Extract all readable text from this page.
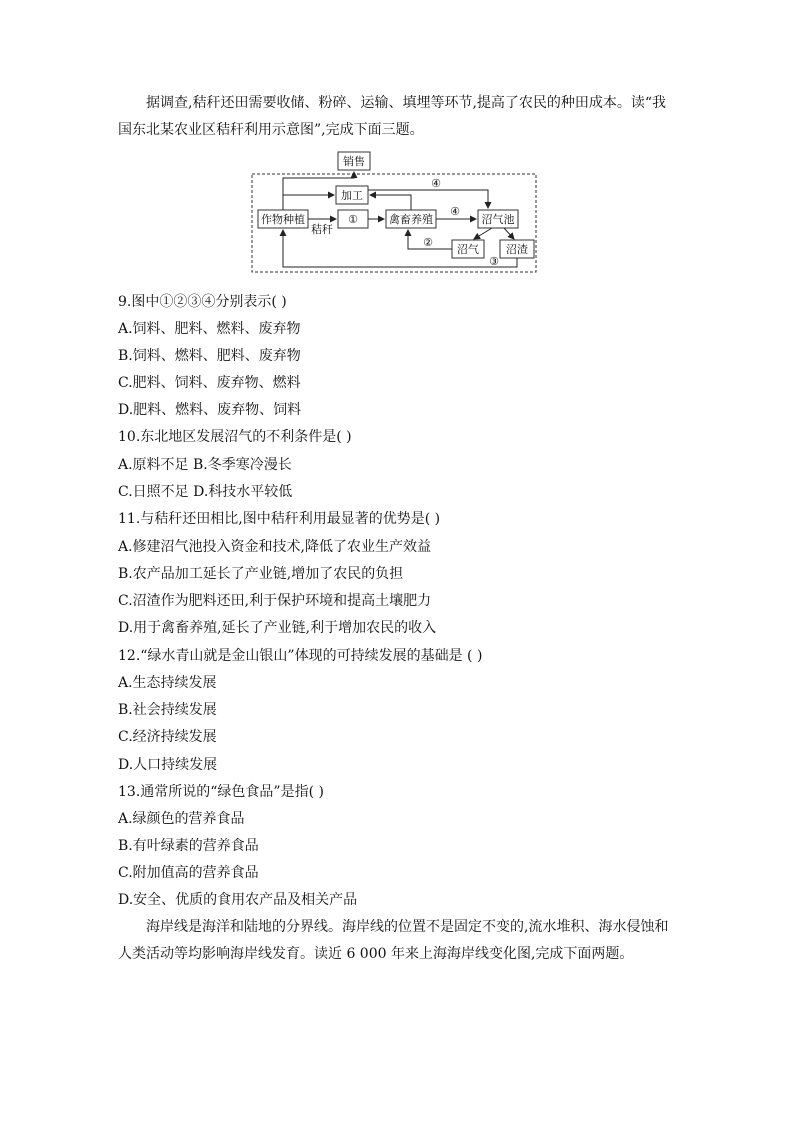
据调查,秸秆还田需要收储、粉碎、运输、填埋等环节,提高了农民的种田成本。读“我国东北某农业区秸秆利用示意图”,完成下面三题。

销售
加工
作物种植	①	禽畜养殖	沼气池
沼气 沼渣
秸秆
④
④
②
③

9.图中①②③④分别表示( )

A.饲料、肥料、燃料、废弃物

B.饲料、燃料、肥料、废弃物

C.肥料、饲料、废弃物、燃料

D.肥料、燃料、废弃物、饲料

10.东北地区发展沼气的不利条件是( )

A.原料不足 B.冬季寒冷漫长

C.日照不足 D.科技水平较低

11.与秸秆还田相比,图中秸秆利用最显著的优势是( )

A.修建沼气池投入资金和技术,降低了农业生产效益

B.农产品加工延长了产业链,增加了农民的负担

C.沼渣作为肥料还田,利于保护环境和提高土壤肥力

D.用于禽畜养殖,延长了产业链,利于增加农民的收入

12.“绿水青山就是金山银山”体现的可持续发展的基础是 ( )

A.生态持续发展

B.社会持续发展

C.经济持续发展

D.人口持续发展

13.通常所说的“绿色食品”是指( )

A.绿颜色的营养食品

B.有叶绿素的营养食品

C.附加值高的营养食品

D.安全、优质的食用农产品及相关产品

海岸线是海洋和陆地的分界线。海岸线的位置不是固定不变的,流水堆积、海水侵蚀和人类活动等均影响海岸线发育。读近 6 000 年来上海海岸线变化图,完成下面两题。
